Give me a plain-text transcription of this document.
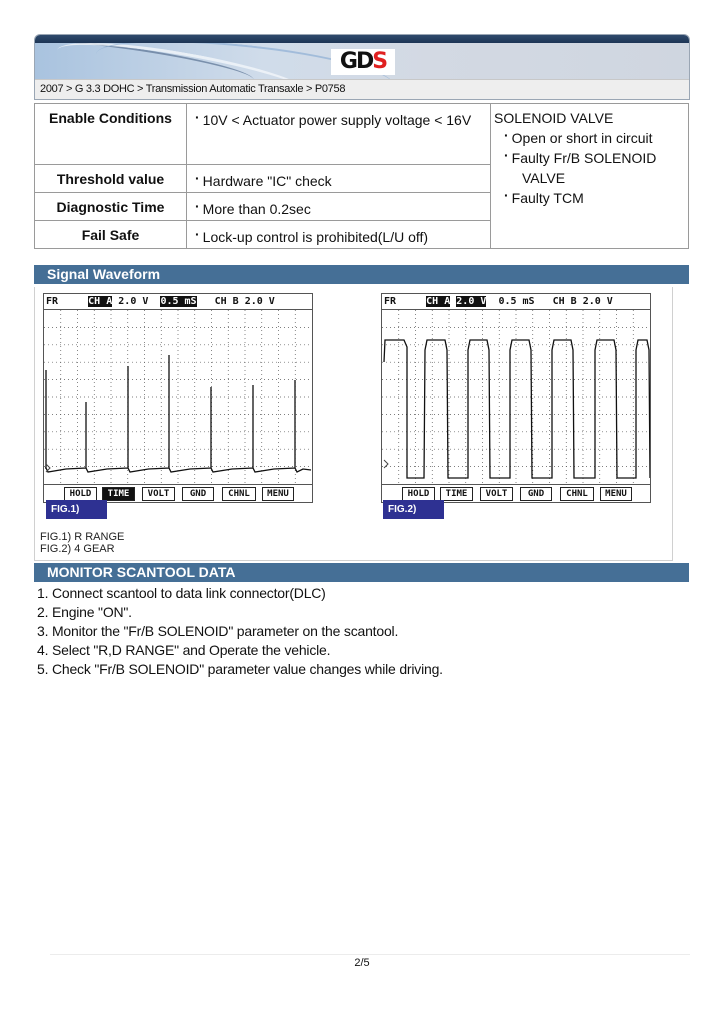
G D S
2007 > G 3.3 DOHC > Transmission Automatic Transaxle > P0758
Enable Conditions	·10V < Actuator power supply voltage < 16V	SOLENOID VALVE
· Open or short in circuit
· Faulty Fr/B SOLENOID
VALVE
· Faulty TCM

Threshold value	·Hardware "IC" check
Diagnostic Time	·More than 0.2sec
Fail Safe	·Lock-up control is prohibited(L/U off)
Signal Waveform
FR	CH A 2.0 V 0.5 mS CH B 2.0 V
HOLD	TIME	VOLT	GND	CHNL	MENU
FR	CH A 2.0 V 0.5 mS CH B 2.0 V
HOLD	TIME	VOLT	GND	CHNL	MENU
FIG.1)	FIG.2)
FIG.1) R RANGE
FIG.2) 4 GEAR
MONITOR SCANTOOL DATA
1. Connect scantool to data link connector(DLC)
2. Engine "ON".
3. Monitor the "Fr/B SOLENOID" parameter on the scantool.
4. Select "R,D RANGE" and Operate the vehicle.
5. Check "Fr/B SOLENOID" parameter value changes while driving.
2/5
